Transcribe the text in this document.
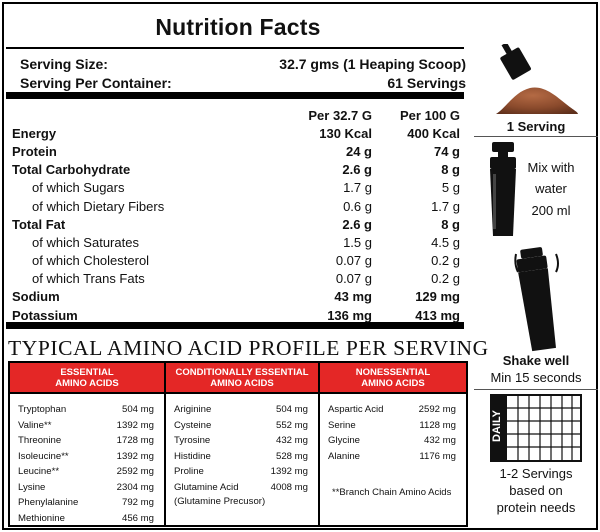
Nutrition Facts
Serving Size:	32.7 gms (1 Heaping Scoop)
Serving Per Container:	61 Servings
Per 32.7 G	Per 100 G
Energy	130 Kcal	400 Kcal
Protein	24 g	74 g
Total Carbohydrate	2.6 g	8 g
of which Sugars	1.7 g	5 g
of which Dietary Fibers	0.6 g	1.7 g
Total Fat	2.6 g	8 g
of which Saturates	1.5 g	4.5 g
of which Cholesterol	0.07 g	0.2 g
of which Trans Fats	0.07 g	0.2 g
Sodium	43 mg	129 mg
Potassium	136 mg	413 mg
TYPICAL AMINO ACID PROFILE PER SERVING
ESSENTIAL
AMINO ACIDS
Tryptophan	504 mg
Valine**	1392 mg
Threonine	1728 mg
Isoleucine**	1392 mg
Leucine**	2592 mg
Lysine	2304 mg
Phenylalanine	792 mg
Methionine	456 mg
CONDITIONALLY ESSENTIAL
AMINO ACIDS
Ariginine	504 mg
Cysteine	552 mg
Tyrosine	432 mg
Histidine	528 mg
Proline	1392 mg
Glutamine Acid	4008 mg
(Glutamine Precusor)
NONESSENTIAL
AMINO ACIDS
Aspartic Acid	2592 mg
Serine	1128 mg
Glycine	432 mg
Alanine	1176 mg
**Branch Chain Amino Acids
1 Serving
Mix with
water
200 ml
Shake well
Min 15 seconds
DAILY
1-2 Servings
based on
protein needs
